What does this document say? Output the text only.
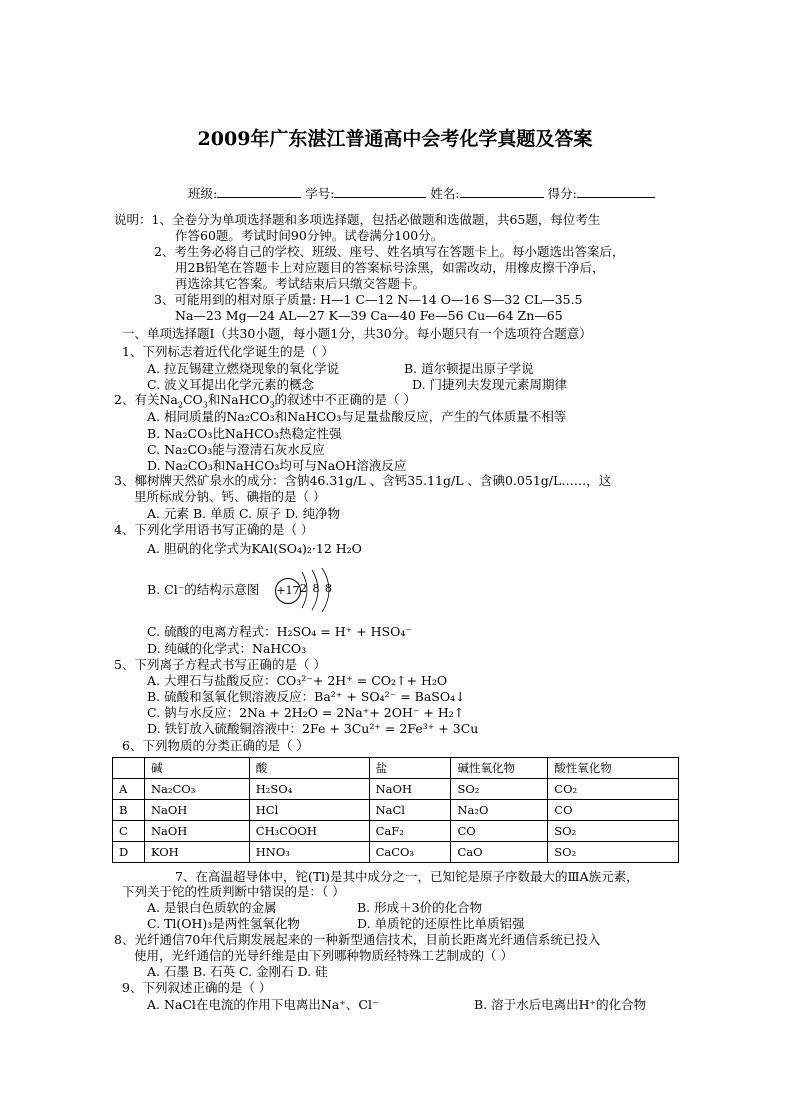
2009年广东湛江普通高中会考化学真题及答案
班级:	学号:	姓名:	得分:
说明：1、全卷分为单项选择题和多项选择题，包括必做题和选做题，共65题，每位考生
作答60题。考试时间90分钟。试卷满分100分。
2、考生务必将自己的学校、班级、座号、姓名填写在答题卡上。每小题选出答案后，
用2B铅笔在答题卡上对应题目的答案标号涂黑，如需改动，用橡皮擦干净后，
再选涂其它答案。考试结束后只缴交答题卡。
3、可能用到的相对原子质量: H—1 C—12 N—14 O—16 S—32 CL—35.5
Na—23 Mg—24 AL—27 K—39 Ca—40 Fe—56 Cu—64 Zn—65
一、单项选择题Ⅰ（共30小题，每小题1分，共30分。每小题只有一个选项符合题意）
1、下列标志着近代化学诞生的是（ ）
A. 拉瓦锡建立燃烧现象的氧化学说	B. 道尔顿提出原子学说
C. 波义耳提出化学元素的概念	D. 门捷列夫发现元素周期律
2、有关$Na_2CO_3$和NaHCO$_3$的叙述中不正确的是（ ）
A. 相同质量的Na₂CO₃和NaHCO₃与足量盐酸反应，产生的气体质量不相等
B. Na₂CO₃比NaHCO₃热稳定性强
C. Na₂CO₃能与澄清石灰水反应
D. Na₂CO₃和NaHCO₃均可与NaOH溶液反应
3、椰树牌天然矿泉水的成分：含钠46.31g/L 、含钙35.11g/L 、含碘0.051g/L……，这
里所标成分钠、钙、碘指的是（ ）
A. 元素 B. 单质 C. 原子 D. 纯净物
4、下列化学用语书写正确的是（ ）
A. 胆矾的化学式为KAl(SO₄)₂·12 H₂O
B. Cl⁻的结构示意图 +17 2 8 8
C. 硫酸的电离方程式：H₂SO₄ = H⁺ + HSO₄⁻
D. 纯碱的化学式：NaHCO₃
5、下列离子方程式书写正确的是（ ）
A. 大理石与盐酸反应：CO₃²⁻+ 2H⁺ = CO₂↑+ H₂O
B. 硫酸和氢氧化钡溶液反应：Ba²⁺ + SO₄²⁻ = BaSO₄↓
C. 钠与水反应：2Na + 2H₂O = 2Na⁺+ 2OH⁻ + H₂↑
D. 铁钉放入硫酸铜溶液中：2Fe + 3Cu²⁺ = 2Fe³⁺ + 3Cu
6、下列物质的分类正确的是（ ）
	碱	酸	盐	碱性氧化物	酸性氧化物
A	Na₂CO₃	H₂SO₄	NaOH	SO₂	CO₂
B	NaOH	HCl	NaCl	Na₂O	CO
C	NaOH	CH₃COOH	CaF₂	CO	SO₂
D	KOH	HNO₃	CaCO₃	CaO	SO₂
7、在高温超导体中，铊(Tl)是其中成分之一，已知铊是原子序数最大的ⅢA族元素，
下列关于铊的性质判断中错误的是：（ ）
A. 是银白色质软的金属	B. 形成＋3价的化合物
C. Tl(OH)₃是两性氢氧化物	D. 单质铊的还原性比单质铝强
8、光纤通信70年代后期发展起来的一种新型通信技术，目前长距离光纤通信系统已投入
使用，光纤通信的光导纤维是由下列哪种物质经特殊工艺制成的（ ）
A. 石墨 B. 石英 C. 金刚石 D. 硅
9、下列叙述正确的是（ ）
A. NaCl在电流的作用下电离出Na⁺、Cl⁻	B. 溶于水后电离出H⁺的化合物
